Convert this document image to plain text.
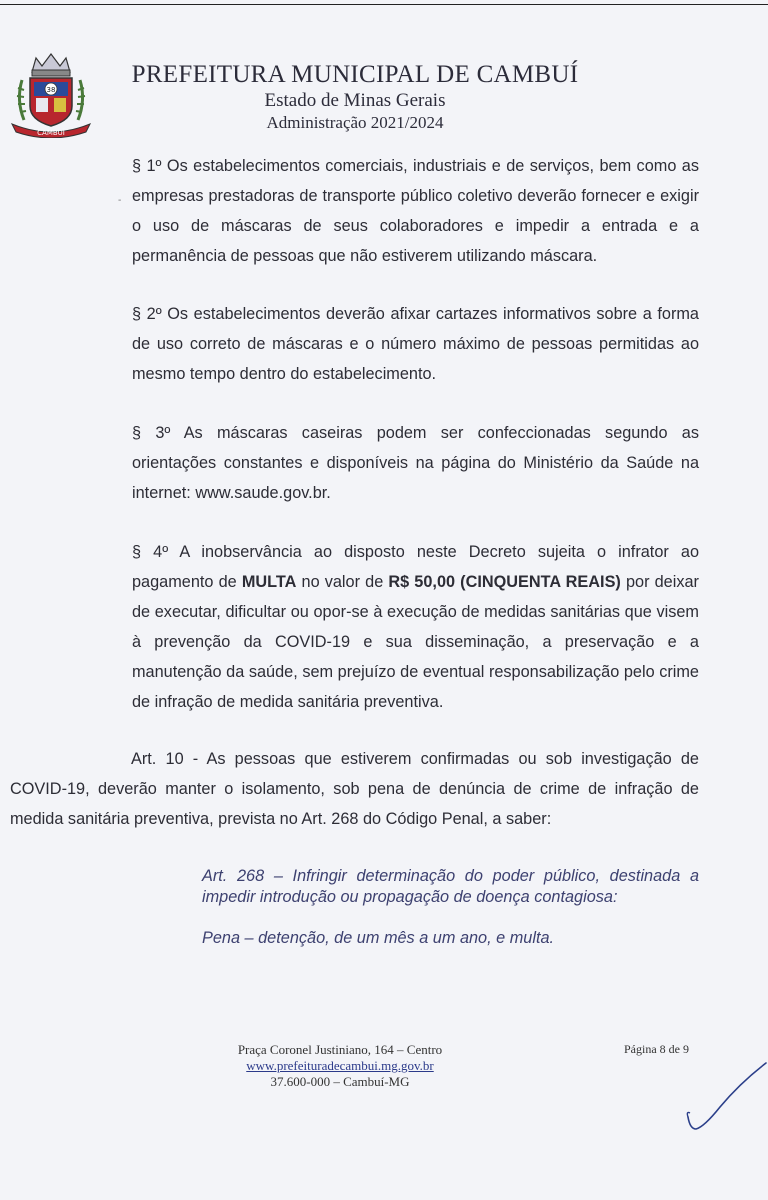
38
CAMBUÍ
PREFEITURA MUNICIPAL DE CAMBUÍ
Estado de Minas Gerais
Administração 2021/2024
-

§ 1º Os estabelecimentos comerciais, industriais e de serviços, bem como as empresas prestadoras de transporte público coletivo deverão fornecer e exigir o uso de máscaras de seus colaboradores e impedir a entrada e a permanência de pessoas que não estiverem utilizando máscara.

§ 2º Os estabelecimentos deverão afixar cartazes informativos sobre a forma de uso correto de máscaras e o número máximo de pessoas permitidas ao mesmo tempo dentro do estabelecimento.

§ 3º As máscaras caseiras podem ser confeccionadas segundo as orientações constantes e disponíveis na página do Ministério da Saúde na internet: www.saude.gov.br.

§ 4º A inobservância ao disposto neste Decreto sujeita o infrator ao pagamento de MULTA no valor de R$ 50,00 (CINQUENTA REAIS) por deixar de executar, dificultar ou opor-se à execução de medidas sanitárias que visem à prevenção da COVID-19 e sua disseminação, a preservação e a manutenção da saúde, sem prejuízo de eventual responsabilização pelo crime de infração de medida sanitária preventiva.

Art. 10 - As pessoas que estiverem confirmadas ou sob investigação de COVID-19, deverão manter o isolamento, sob pena de denúncia de crime de infração de medida sanitária preventiva, prevista no Art. 268 do Código Penal, a saber:

Art. 268 – Infringir determinação do poder público, destinada a impedir introdução ou propagação de doença contagiosa:

Pena – detenção, de um mês a um ano, e multa.

Praça Coronel Justiniano, 164 – Centro
www.prefeituradecambui.mg.gov.br
37.600-000 – Cambuí-MG
Página 8 de 9
